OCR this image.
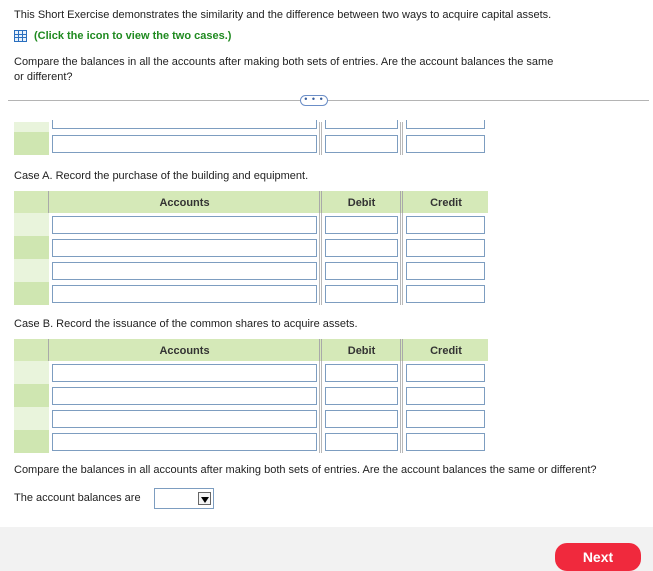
This Short Exercise demonstrates the similarity and the difference between two ways to acquire capital assets.
(Click the icon to view the two cases.)
Compare the balances in all the accounts after making both sets of entries. Are the account balances the same
or different?
• • •
Case A. Record the purchase of the building and equipment.
Accounts	Debit	Credit
Case B. Record the issuance of the common shares to acquire assets.
Accounts	Debit	Credit
Compare the balances in all accounts after making both sets of entries. Are the account balances the same or different?
The account balances are
Next
